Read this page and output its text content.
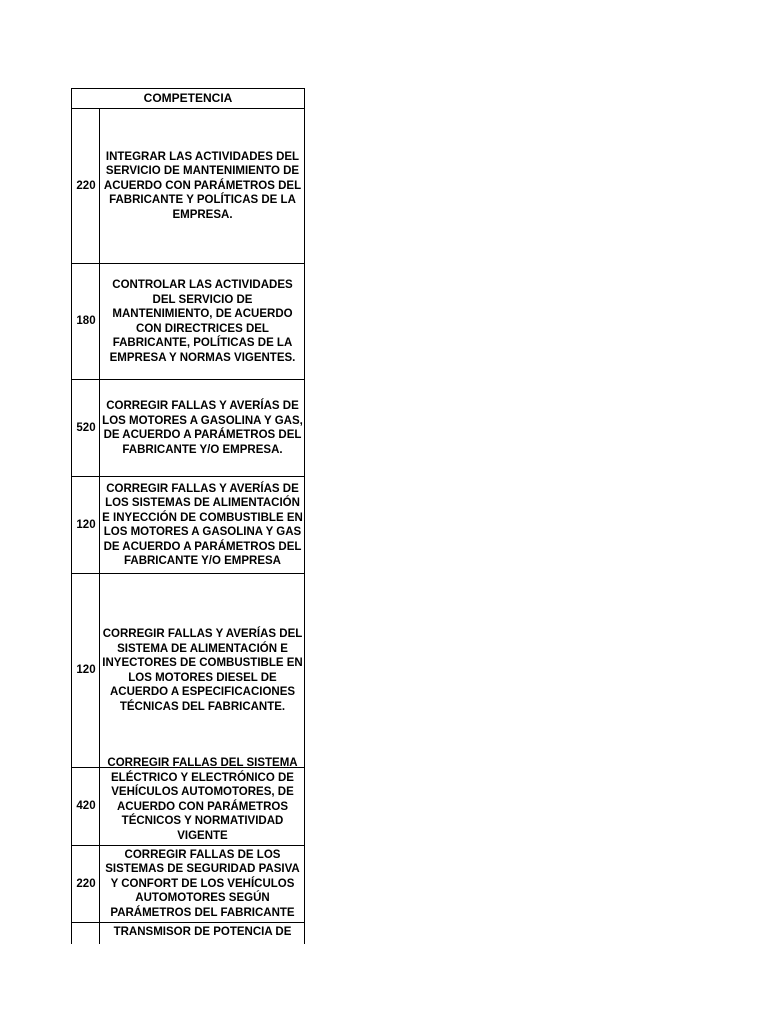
COMPETENCIA
220
INTEGRAR LAS ACTIVIDADES DEL SERVICIO DE MANTENIMIENTO DE ACUERDO CON PARÁMETROS DEL FABRICANTE Y POLÍTICAS DE LA EMPRESA.
180
CONTROLAR LAS ACTIVIDADES DEL SERVICIO DE MANTENIMIENTO, DE ACUERDO CON DIRECTRICES DEL FABRICANTE, POLÍTICAS DE LA EMPRESA Y NORMAS VIGENTES.
520
CORREGIR FALLAS Y AVERÍAS DE LOS MOTORES A GASOLINA Y GAS, DE ACUERDO A PARÁMETROS DEL FABRICANTE Y/O EMPRESA.
120
CORREGIR FALLAS Y AVERÍAS DE LOS SISTEMAS DE ALIMENTACIÓN E INYECCIÓN DE COMBUSTIBLE EN LOS MOTORES A GASOLINA Y GAS DE ACUERDO A PARÁMETROS DEL FABRICANTE Y/O EMPRESA
120
CORREGIR FALLAS Y AVERÍAS DEL SISTEMA DE ALIMENTACIÓN E INYECTORES DE COMBUSTIBLE EN LOS MOTORES DIESEL DE ACUERDO A ESPECIFICACIONES TÉCNICAS DEL FABRICANTE.
420
CORREGIR FALLAS DEL SISTEMA ELÉCTRICO Y ELECTRÓNICO DE VEHÍCULOS AUTOMOTORES, DE ACUERDO CON PARÁMETROS TÉCNICOS Y NORMATIVIDAD VIGENTE
220
CORREGIR FALLAS DE LOS SISTEMAS DE SEGURIDAD PASIVA Y CONFORT DE LOS VEHÍCULOS AUTOMOTORES SEGÚN PARÁMETROS DEL FABRICANTE
TRANSMISOR DE POTENCIA DE
